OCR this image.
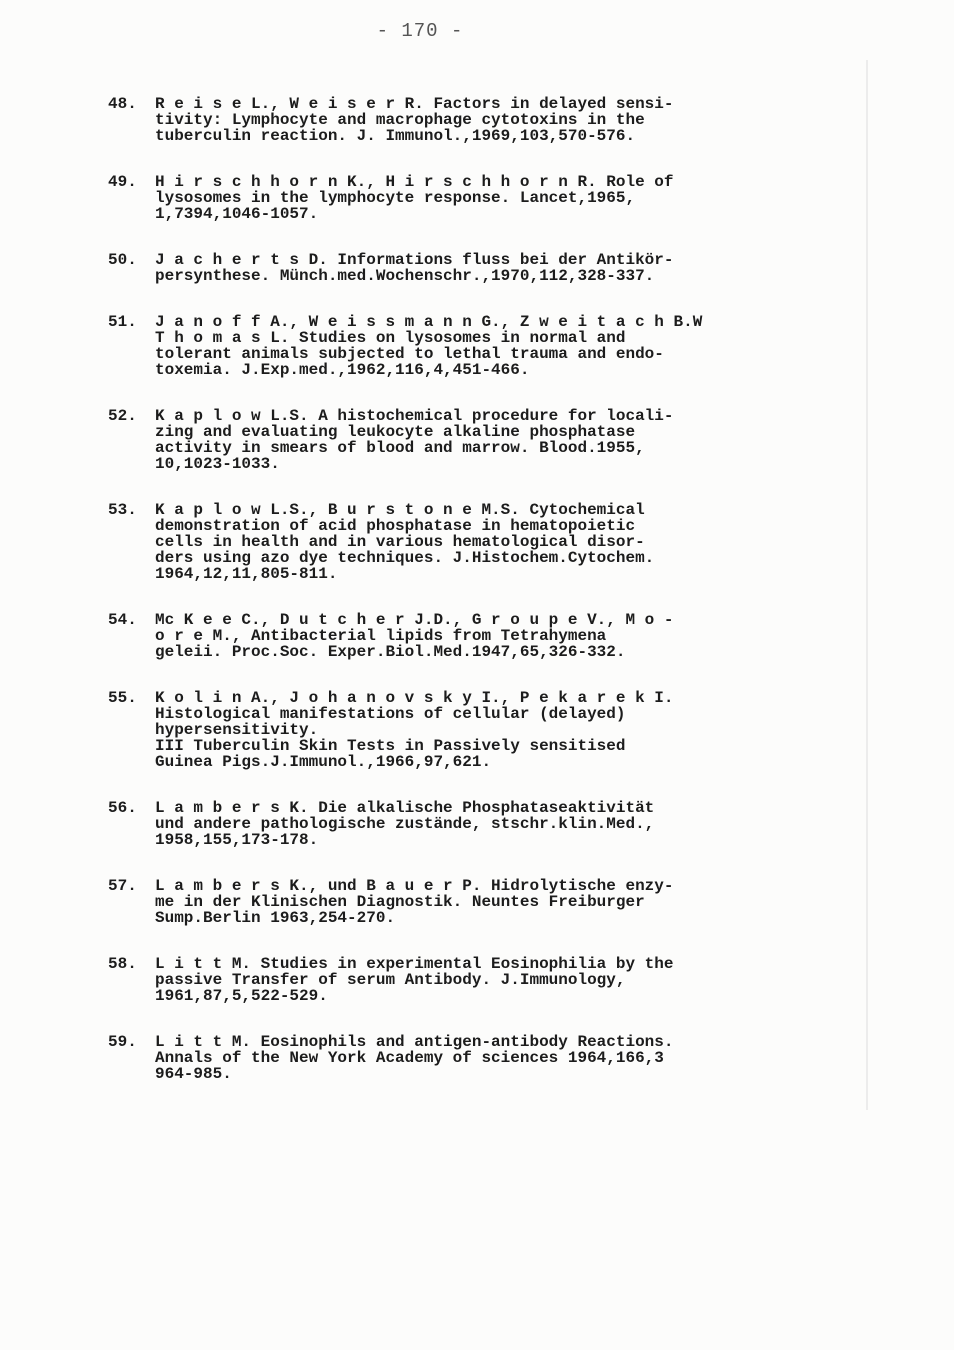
- 170 -
48.	R e i s e L., W e i s e r R. Factors in delayed sensi-
tivity: Lymphocyte and macrophage cytotoxins in the
tuberculin reaction. J. Immunol.,1969,103,570-576.
49.	H i r s c h h o r n K., H i r s c h h o r n R. Role of
lysosomes in the lymphocyte response. Lancet,1965,
1,7394,1046-1057.
50.	J a c h e r t s D. Informations fluss bei der Antikör-
persynthese. Münch.med.Wochenschr.,1970,112,328-337.
51.	J a n o f f A., W e i s s m a n n G., Z w e i t a c h B.W
T h o m a s L. Studies on lysosomes in normal and
tolerant animals subjected to lethal trauma and endo-
toxemia. J.Exp.med.,1962,116,4,451-466.
52.	K a p l o w L.S. A histochemical procedure for locali-
zing and evaluating leukocyte alkaline phosphatase
activity in smears of blood and marrow. Blood.1955,
10,1023-1033.
53.	K a p l o w L.S., B u r s t o n e M.S. Cytochemical
demonstration of acid phosphatase in hematopoietic
cells in health and in various hematological disor-
ders using azo dye techniques. J.Histochem.Cytochem.
1964,12,11,805-811.
54.	Mc K e e C., D u t c h e r J.D., G r o u p e V., M o -
o r e M., Antibacterial lipids from Tetrahymena
geleii. Proc.Soc. Exper.Biol.Med.1947,65,326-332.
55.	K o l i n A., J o h a n o v s k y I., P e k a r e k I.
Histological manifestations of cellular (delayed)
hypersensitivity.
III Tuberculin Skin Tests in Passively sensitised
Guinea Pigs.J.Immunol.,1966,97,621.
56.	L a m b e r s K. Die alkalische Phosphataseaktivität
und andere pathologische zustände, stschr.klin.Med.,
1958,155,173-178.
57.	L a m b e r s K., und B a u e r P. Hidrolytische enzy-
me in der Klinischen Diagnostik. Neuntes Freiburger
Sump.Berlin 1963,254-270.
58.	L i t t M. Studies in experimental Eosinophilia by the
passive Transfer of serum Antibody. J.Immunology,
1961,87,5,522-529.
59.	L i t t M. Eosinophils and antigen-antibody Reactions.
Annals of the New York Academy of sciences 1964,166,3
964-985.
